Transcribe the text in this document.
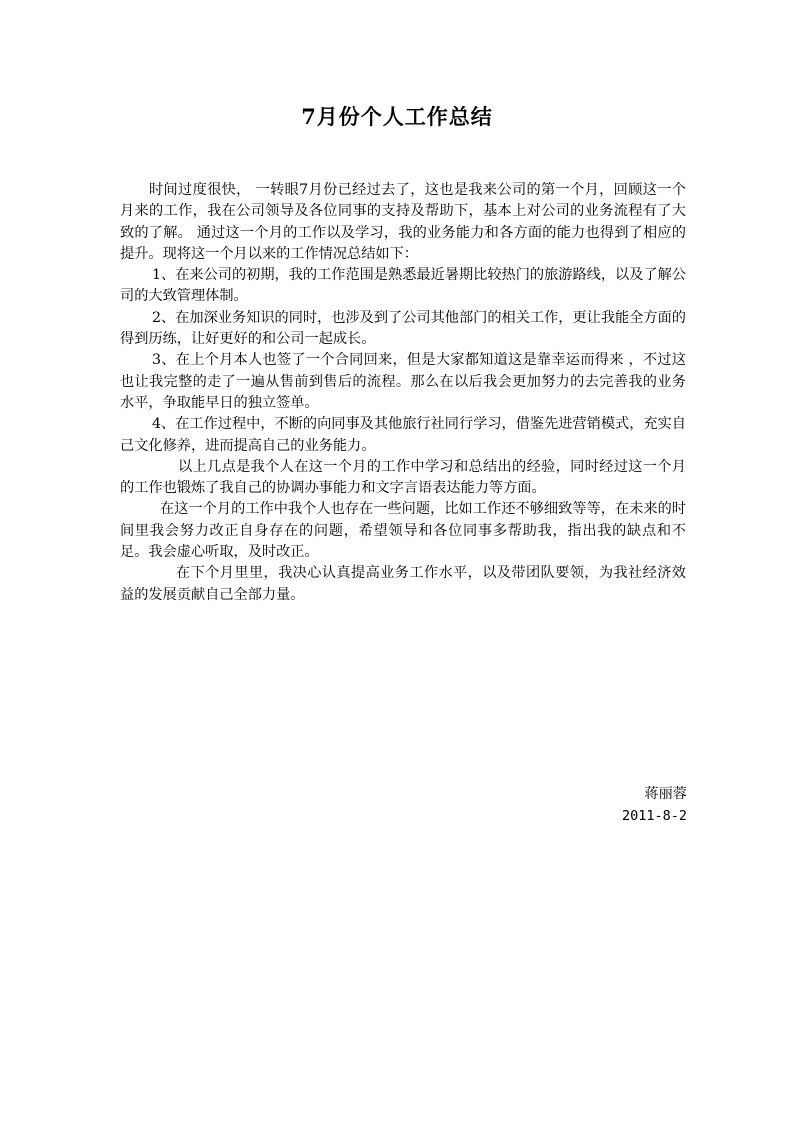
7月份个人工作总结

时间过度很快， 一转眼7月份已经过去了，这也是我来公司的第一个月，回顾这一个月来的工作，我在公司领导及各位同事的支持及帮助下，基本上对公司的业务流程有了大致的了解。 通过这一个月的工作以及学习，我的业务能力和各方面的能力也得到了相应的提升。现将这一个月以来的工作情况总结如下：

1、在来公司的初期，我的工作范围是熟悉最近暑期比较热门的旅游路线，以及了解公司的大致管理体制。

2、在加深业务知识的同时，也涉及到了公司其他部门的相关工作，更让我能全方面的得到历练，让好更好的和公司一起成长。

3、在上个月本人也签了一个合同回来，但是大家都知道这是靠幸运而得来 ，不过这也让我完整的走了一遍从售前到售后的流程。那么在以后我会更加努力的去完善我的业务水平，争取能早日的独立签单。

4、在工作过程中，不断的向同事及其他旅行社同行学习，借鉴先进营销模式，充实自己文化修养，进而提高自己的业务能力。

以上几点是我个人在这一个月的工作中学习和总结出的经验，同时经过这一个月的工作也锻炼了我自己的协调办事能力和文字言语表达能力等方面。

在这一个月的工作中我个人也存在一些问题，比如工作还不够细致等等，在未来的时间里我会努力改正自身存在的问题，希望领导和各位同事多帮助我，指出我的缺点和不足。我会虚心听取，及时改正。

在下个月里里，我决心认真提高业务工作水平，以及带团队要领，为我社经济效益的发展贡献自己全部力量。

蒋丽蓉
2011-8-2
